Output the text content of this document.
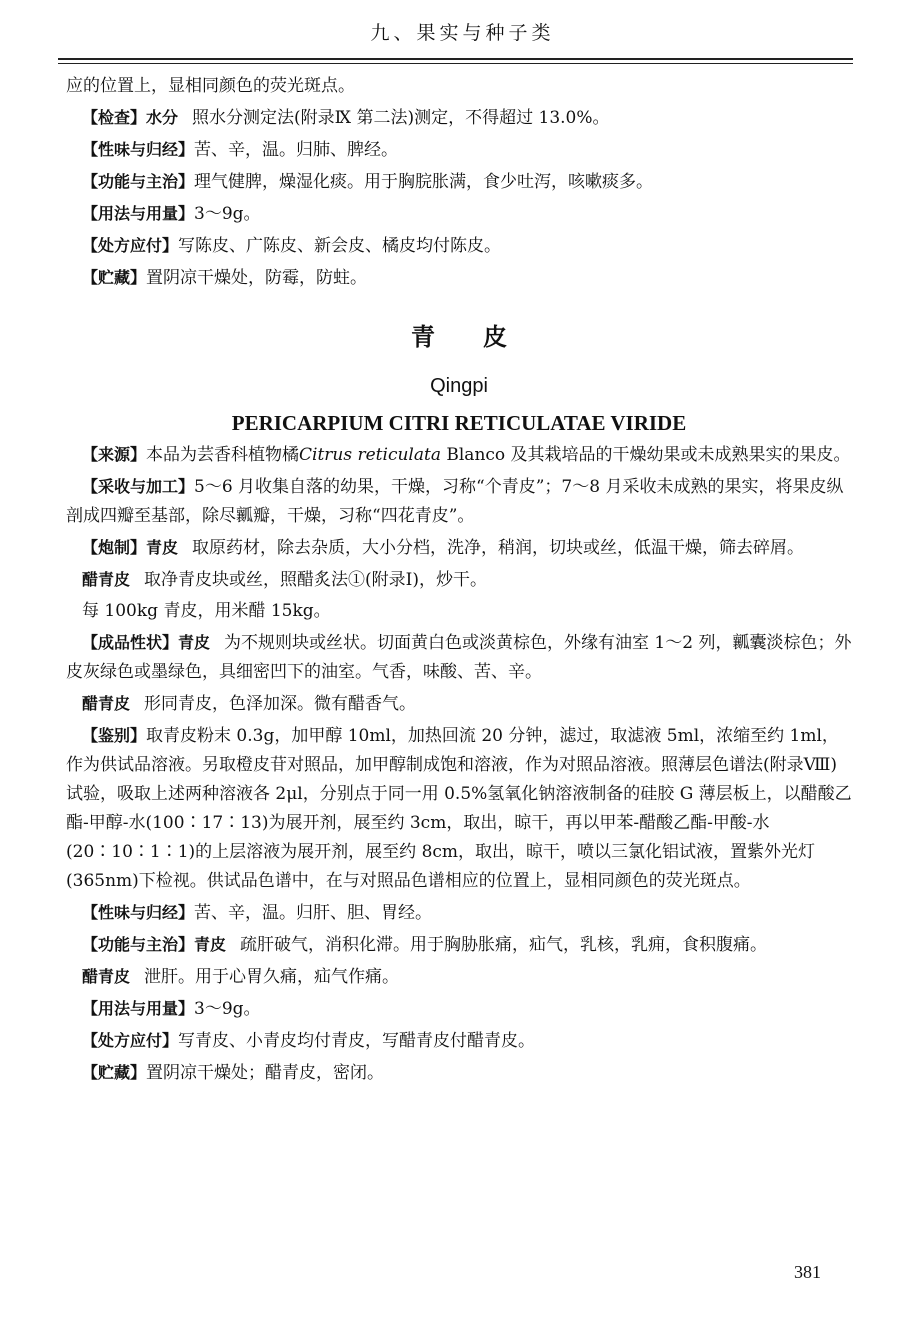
九、果实与种子类

应的位置上，显相同颜色的荧光斑点。

【检查】水分 照水分测定法(附录Ⅸ 第二法)测定，不得超过 13.0%。

【性味与归经】苦、辛，温。归肺、脾经。

【功能与主治】理气健脾，燥湿化痰。用于胸脘胀满，食少吐泻，咳嗽痰多。

【用法与用量】3～9g。

【处方应付】写陈皮、广陈皮、新会皮、橘皮均付陈皮。

【贮藏】置阴凉干燥处，防霉，防蛀。

青皮
Qingpi
PERICARPIUM CITRI RETICULATAE VIRIDE

【来源】本品为芸香科植物橘Citrus reticulata Blanco 及其栽培品的干燥幼果或未成熟果实的果皮。

【采收与加工】5～6 月收集自落的幼果，干燥，习称“个青皮”；7～8 月采收未成熟的果实，将果皮纵剖成四瓣至基部，除尽瓤瓣，干燥，习称“四花青皮”。

【炮制】青皮 取原药材，除去杂质，大小分档，洗净，稍润，切块或丝，低温干燥，筛去碎屑。

醋青皮 取净青皮块或丝，照醋炙法①(附录Ⅰ)，炒干。

每 100kg 青皮，用米醋 15kg。

【成品性状】青皮 为不规则块或丝状。切面黄白色或淡黄棕色，外缘有油室 1～2 列，瓤囊淡棕色；外皮灰绿色或墨绿色，具细密凹下的油室。气香，味酸、苦、辛。

醋青皮 形同青皮，色泽加深。微有醋香气。

【鉴别】取青皮粉末 0.3g，加甲醇 10ml，加热回流 20 分钟，滤过，取滤液 5ml，浓缩至约 1ml，作为供试品溶液。另取橙皮苷对照品，加甲醇制成饱和溶液，作为对照品溶液。照薄层色谱法(附录Ⅷ)试验，吸取上述两种溶液各 2μl，分别点于同一用 0.5%氢氧化钠溶液制备的硅胶 G 薄层板上，以醋酸乙酯-甲醇-水(100∶17∶13)为展开剂，展至约 3cm，取出，晾干，再以甲苯-醋酸乙酯-甲酸-水(20∶10∶1∶1)的上层溶液为展开剂，展至约 8cm，取出，晾干，喷以三氯化铝试液，置紫外光灯(365nm)下检视。供试品色谱中，在与对照品色谱相应的位置上，显相同颜色的荧光斑点。

【性味与归经】苦、辛，温。归肝、胆、胃经。

【功能与主治】青皮 疏肝破气，消积化滞。用于胸胁胀痛，疝气，乳核，乳痈，食积腹痛。

醋青皮 泄肝。用于心胃久痛，疝气作痛。

【用法与用量】3～9g。

【处方应付】写青皮、小青皮均付青皮，写醋青皮付醋青皮。

【贮藏】置阴凉干燥处；醋青皮，密闭。

381
